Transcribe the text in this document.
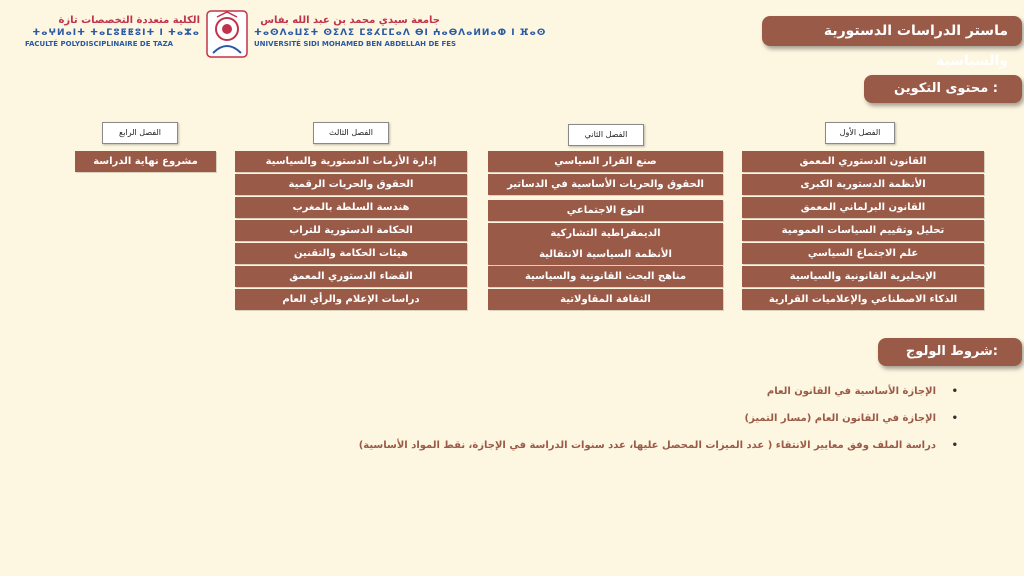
الكلية متعددة التخصصات تازة
ⵜⴰⵖⵍⴰⵏⵜ ⵜⴰⵎⵓⵟⵟⵓⵏⵜ ⵏ ⵜⴰⵣⴰ
FACULTÉ POLYDISCIPLINAIRE DE TAZA
جامعة سيدي محمد بن عبد الله بفاس
ⵜⴰⵙⴷⴰⵡⵉⵜ ⵙⵉⴷⵉ ⵎⵓⵃⵎⵎⴰⴷ ⴱⵏ ⵄⴰⴱⴷⴰⵍⵍⴰⵀ ⵏ ⴼⴰⵙ
UNIVERSITÉ SIDI MOHAMED BEN ABDELLAH DE FES
ماستر الدراسات الدستورية والسياسية
محتوى التكوين :
الفصل الأول
القانون الدستوري المعمق
الأنظمة الدستورية الكبرى
القانون البرلماني المعمق
تحليل وتقييم السياسات العمومية
علم الاجتماع السياسي
الإنجليزية القانونية والسياسية
الذكاء الاصطناعي والإعلاميات القرارية
الفصل الثاني
صنع القرار السياسي
الحقوق والحريات الأساسية في الدساتير
النوع الاجتماعي
الديمقراطية التشاركية
الأنظمة السياسية الانتقالية
مناهج البحث القانونية والسياسية
الثقافة المقاولاتية
الفصل الثالث
إدارة الأزمات الدستورية والسياسية
الحقوق والحريات الرقمية
هندسة السلطة بالمغرب
الحكامة الدستورية للتراب
هيئات الحكامة والتقنين
القضاء الدستوري المعمق
دراسات الإعلام والرأي العام
الفصل الرابع
مشروع نهاية الدراسة
شروط الولوج:
•
الإجازة الأساسية في القانون العام
•
الإجازة في القانون العام (مسار التميز)
•
دراسة الملف وفق معايير الانتقاء ( عدد الميزات المحصل عليها، عدد سنوات الدراسة في الإجازة، نقط المواد الأساسية)
